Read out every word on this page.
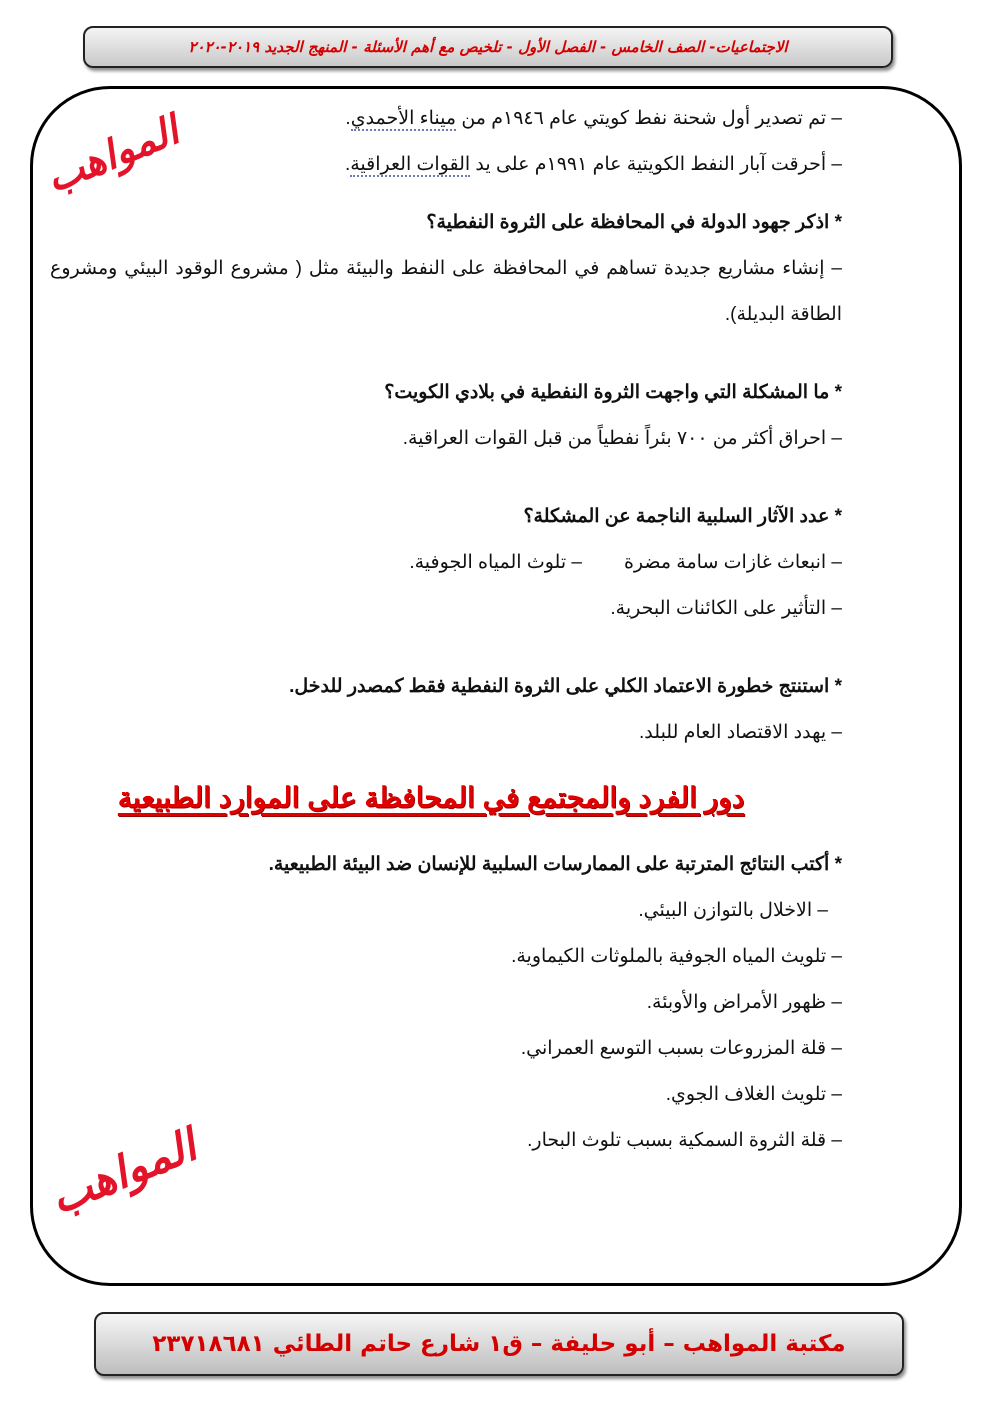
الاجتماعيات- الصف الخامس - الفصل الأول - تلخيص مع أهم الأسئلة - المنهج الجديد ٢٠١٩-٢٠٢٠
المواهب
المواهب
– تم تصدير أول شحنة نفط كويتي عام ١٩٤٦م من ميناء الأحمدي.
– أحرقت آبار النفط الكويتية عام ١٩٩١م على يد القوات العراقية.
* اذكر جهود الدولة في المحافظة على الثروة النفطية؟
– إنشاء مشاريع جديدة تساهم في المحافظة على النفط والبيئة مثل ( مشروع الوقود البيئي ومشروع الطاقة البديلة).
* ما المشكلة التي واجهت الثروة النفطية في بلادي الكويت؟
– احراق أكثر من ٧٠٠ بئراً نفطياً من قبل القوات العراقية.
* عدد الآثار السلبية الناجمة عن المشكلة؟
– انبعاث غازات سامة مضرة
– تلوث المياه الجوفية.
– التأثير على الكائنات البحرية.
* استنتج خطورة الاعتماد الكلي على الثروة النفطية فقط كمصدر للدخل.
– يهدد الاقتصاد العام للبلد.
دور الفرد والمجتمع في المحافظة على الموارد الطبيعية
* أكتب النتائج المترتبة على الممارسات السلبية للإنسان ضد البيئة الطبيعية.
– الاخلال بالتوازن البيئي.
– تلويث المياه الجوفية بالملوثات الكيماوية.
– ظهور الأمراض والأوبئة.
– قلة المزروعات بسبب التوسع العمراني.
– تلويث الغلاف الجوي.
– قلة الثروة السمكية بسبب تلوث البحار.
مكتبة المواهب – أبو حليفة – ق١ شارع حاتم الطائي ٢٣٧١٨٦٨١
